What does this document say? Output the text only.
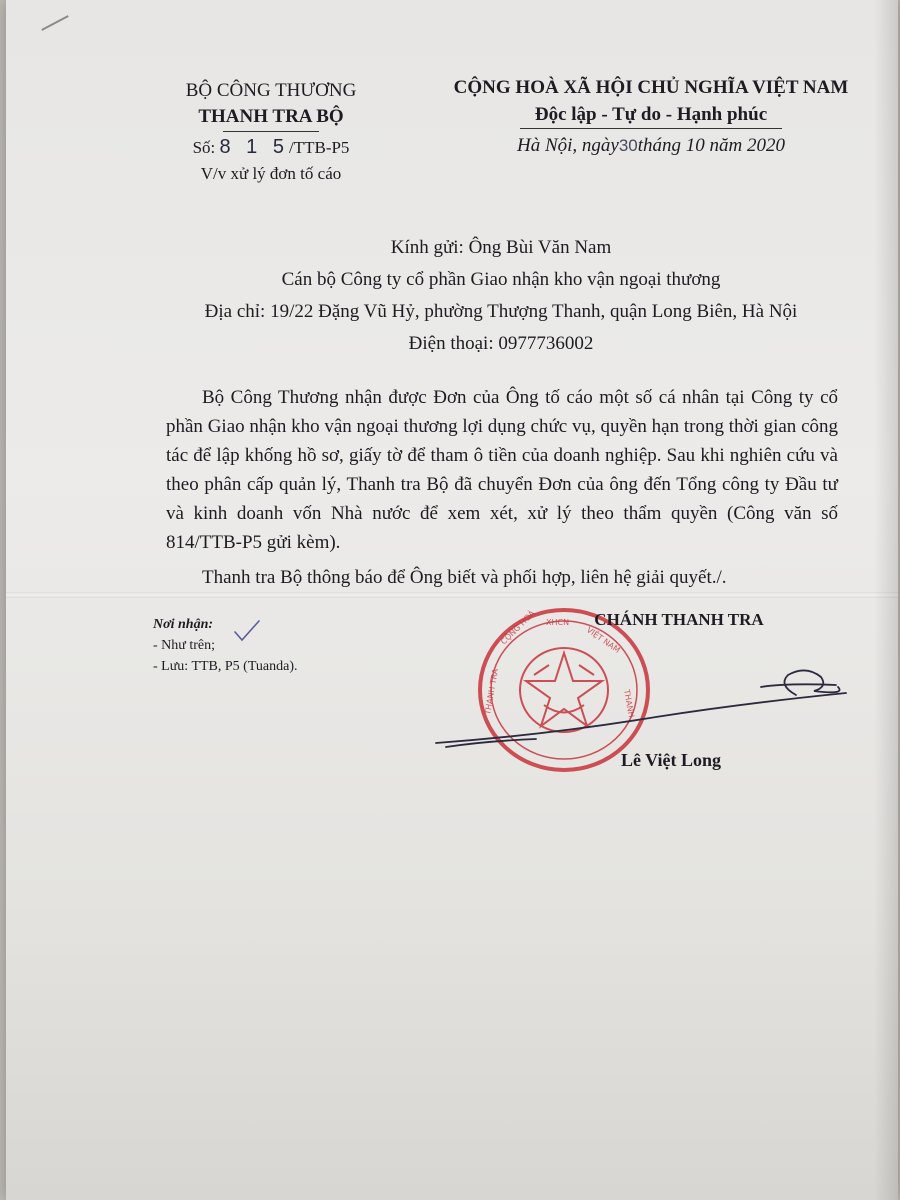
BỘ CÔNG THƯƠNG
THANH TRA BỘ
Số: 8 1 5/TTB-P5
V/v xử lý đơn tố cáo
CỘNG HOÀ XÃ HỘI CHỦ NGHĨA VIỆT NAM
Độc lập - Tự do - Hạnh phúc
Hà Nội, ngày30tháng 10 năm 2020
Kính gửi: Ông Bùi Văn Nam
Cán bộ Công ty cổ phần Giao nhận kho vận ngoại thương
Địa chỉ: 19/22 Đặng Vũ Hỷ, phường Thượng Thanh, quận Long Biên, Hà Nội
Điện thoại: 0977736002

Bộ Công Thương nhận được Đơn của Ông tố cáo một số cá nhân tại Công ty cổ phần Giao nhận kho vận ngoại thương lợi dụng chức vụ, quyền hạn trong thời gian công tác để lập khống hồ sơ, giấy tờ để tham ô tiền của doanh nghiệp. Sau khi nghiên cứu và theo phân cấp quản lý, Thanh tra Bộ đã chuyển Đơn của ông đến Tổng công ty Đầu tư và kinh doanh vốn Nhà nước để xem xét, xử lý theo thẩm quyền (Công văn số 814/TTB-P5 gửi kèm).

Thanh tra Bộ thông báo để Ông biết và phối hợp, liên hệ giải quyết./.

Nơi nhận:
- Như trên;
- Lưu: TTB, P5 (Tuanda).
CỘNG HOÀ XHCN
VIỆT NAM
THANH
THANH TRA
CHÁNH THANH TRA
Lê Việt Long
